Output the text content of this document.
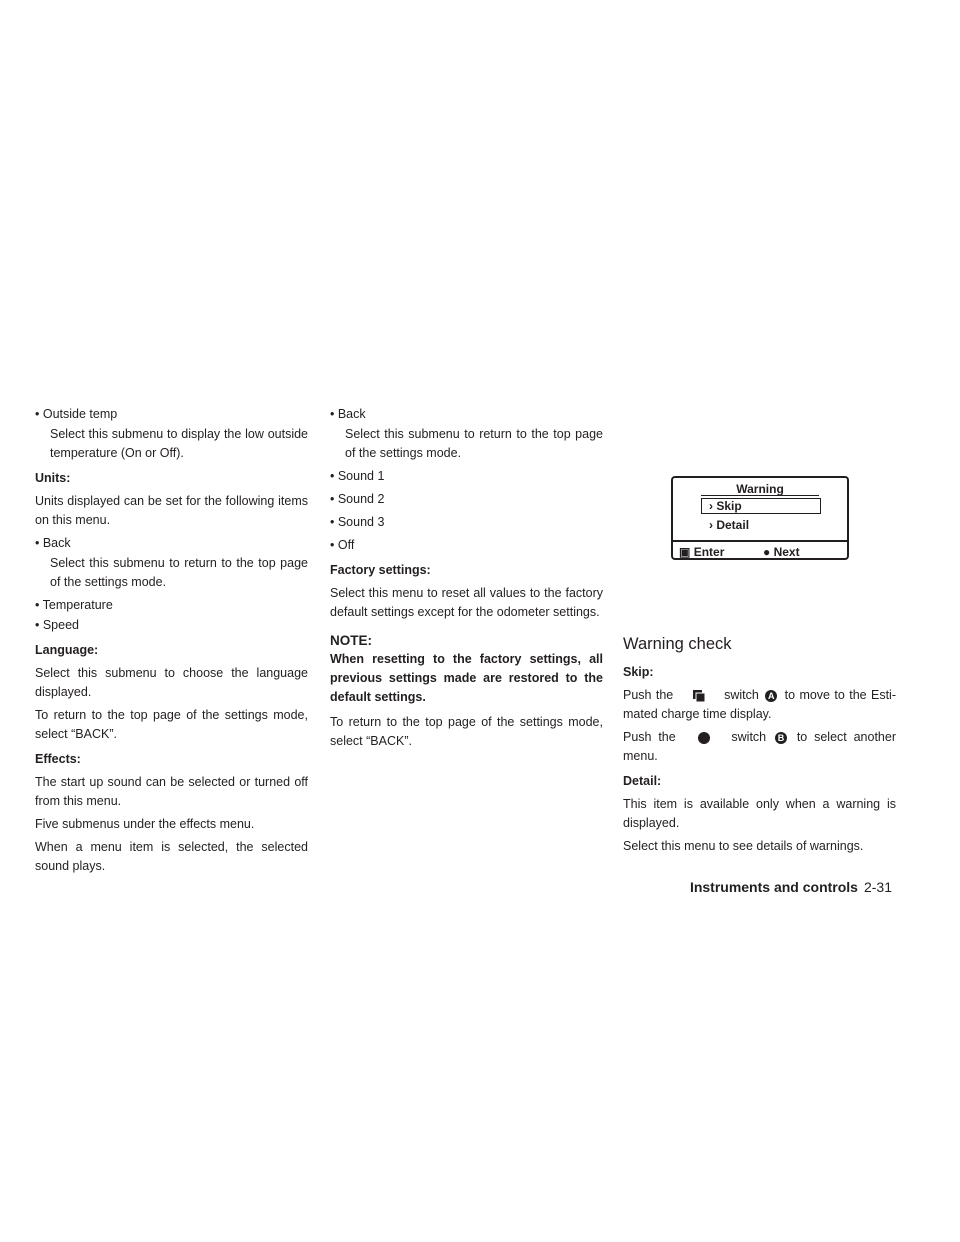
• Outside temp

Select this submenu to display the low outside temperature (On or Off).

Units:

Units displayed can be set for the following items on this menu.

• Back

Select this submenu to return to the top page of the settings mode.

• Temperature

• Speed

Language:

Select this submenu to choose the language displayed.

To return to the top page of the settings mode, select “BACK”.

Effects:

The start up sound can be selected or turned off from this menu.

Five submenus under the effects menu.

When a menu item is selected, the selected sound plays.

• Back

Select this submenu to return to the top page of the settings mode.

• Sound 1

• Sound 2

• Sound 3

• Off

Factory settings:

Select this menu to reset all values to the factory default settings except for the odometer settings.

NOTE:

When resetting to the factory settings, all previous settings made are restored to the default settings.

To return to the top page of the settings mode, select “BACK”.

Warning
› Skip
› Detail
▣ Enter	● Next
Warning check

Skip:

Push the	switch A to move to the Esti-mated charge time display.

Push the	switch B to select another menu.

Detail:

This item is available only when a warning is displayed.

Select this menu to see details of warnings.

Instruments and controls 2-31
